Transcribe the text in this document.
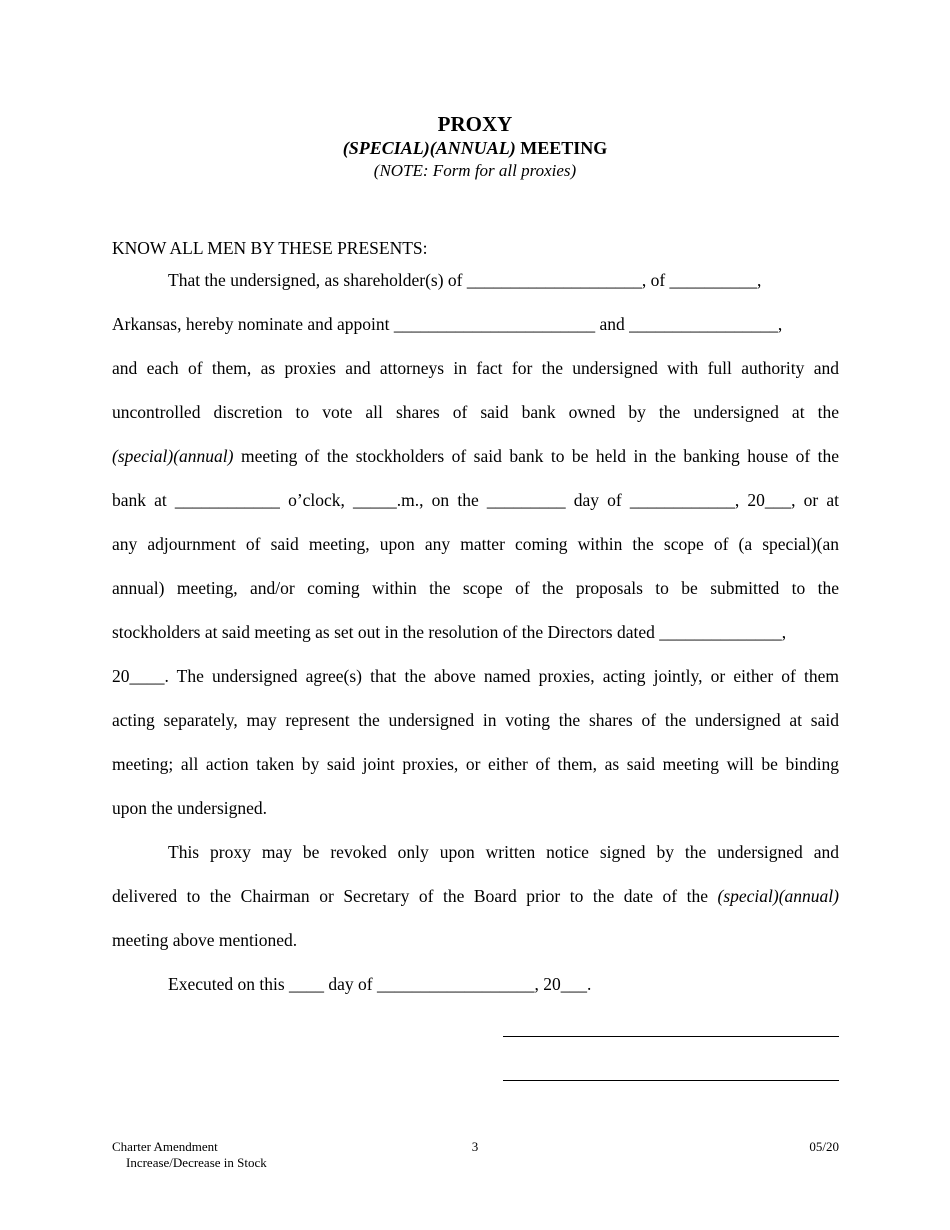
PROXY
(SPECIAL)(ANNUAL) MEETING
(NOTE: Form for all proxies)
KNOW ALL MEN BY THESE PRESENTS:
That the undersigned, as shareholder(s) of ____________________, of __________,
Arkansas, hereby nominate and appoint _______________________ and _________________,
and each of them, as proxies and attorneys in fact for the undersigned with full authority and
uncontrolled discretion to vote all shares of said bank owned by the undersigned at the
(special)(annual) meeting of the stockholders of said bank to be held in the banking house of the
bank at ____________ o’clock, _____.m., on the _________ day of ____________, 20___, or at
any adjournment of said meeting, upon any matter coming within the scope of (a special)(an
annual) meeting, and/or coming within the scope of the proposals to be submitted to the
stockholders at said meeting as set out in the resolution of the Directors dated ______________,
20____. The undersigned agree(s) that the above named proxies, acting jointly, or either of them
acting separately, may represent the undersigned in voting the shares of the undersigned at said
meeting; all action taken by said joint proxies, or either of them, as said meeting will be binding
upon the undersigned.
This proxy may be revoked only upon written notice signed by the undersigned and
delivered to the Chairman or Secretary of the Board prior to the date of the (special)(annual)
meeting above mentioned.
Executed on this ____ day of __________________, 20___.
Charter Amendment
Increase/Decrease in Stock
3	05/20
